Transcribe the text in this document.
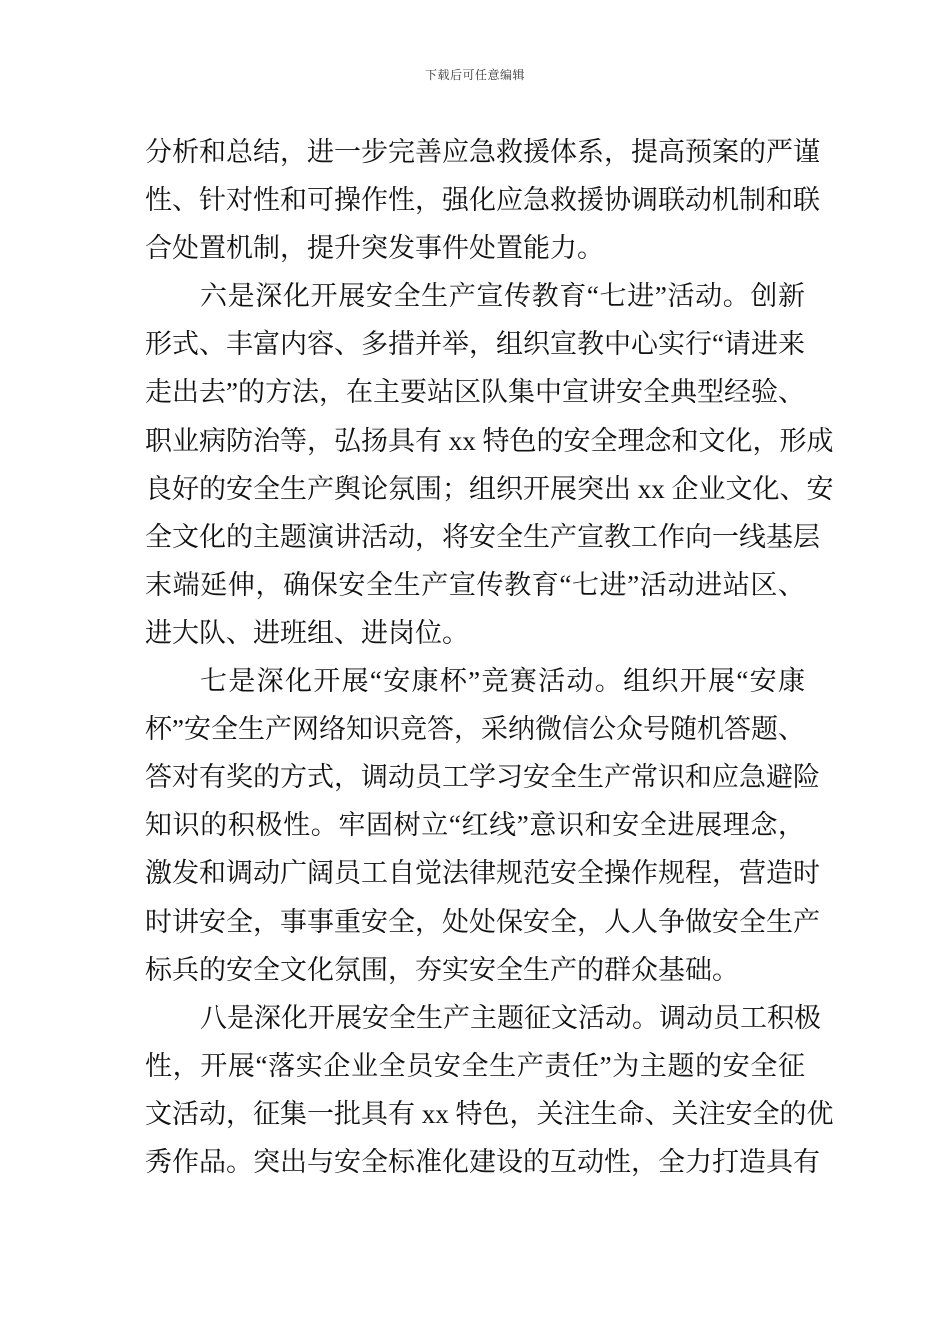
下载后可任意编辑
分析和总结，进一步完善应急救援体系，提高预案的严谨
性、针对性和可操作性，强化应急救援协调联动机制和联
合处置机制，提升突发事件处置能力。
六是深化开展安全生产宣传教育“七进”活动。创新
形式、丰富内容、多措并举，组织宣教中心实行“请进来
走出去”的方法，在主要站区队集中宣讲安全典型经验、
职业病防治等，弘扬具有 xx 特色的安全理念和文化，形成
良好的安全生产舆论氛围；组织开展突出 xx 企业文化、安
全文化的主题演讲活动，将安全生产宣教工作向一线基层
末端延伸，确保安全生产宣传教育“七进”活动进站区、
进大队、进班组、进岗位。
七是深化开展“安康杯”竞赛活动。组织开展“安康
杯”安全生产网络知识竞答，采纳微信公众号随机答题、
答对有奖的方式，调动员工学习安全生产常识和应急避险
知识的积极性。牢固树立“红线”意识和安全进展理念，
激发和调动广阔员工自觉法律规范安全操作规程，营造时
时讲安全，事事重安全，处处保安全，人人争做安全生产
标兵的安全文化氛围，夯实安全生产的群众基础。
八是深化开展安全生产主题征文活动。调动员工积极
性，开展“落实企业全员安全生产责任”为主题的安全征
文活动，征集一批具有 xx 特色，关注生命、关注安全的优
秀作品。突出与安全标准化建设的互动性，全力打造具有
